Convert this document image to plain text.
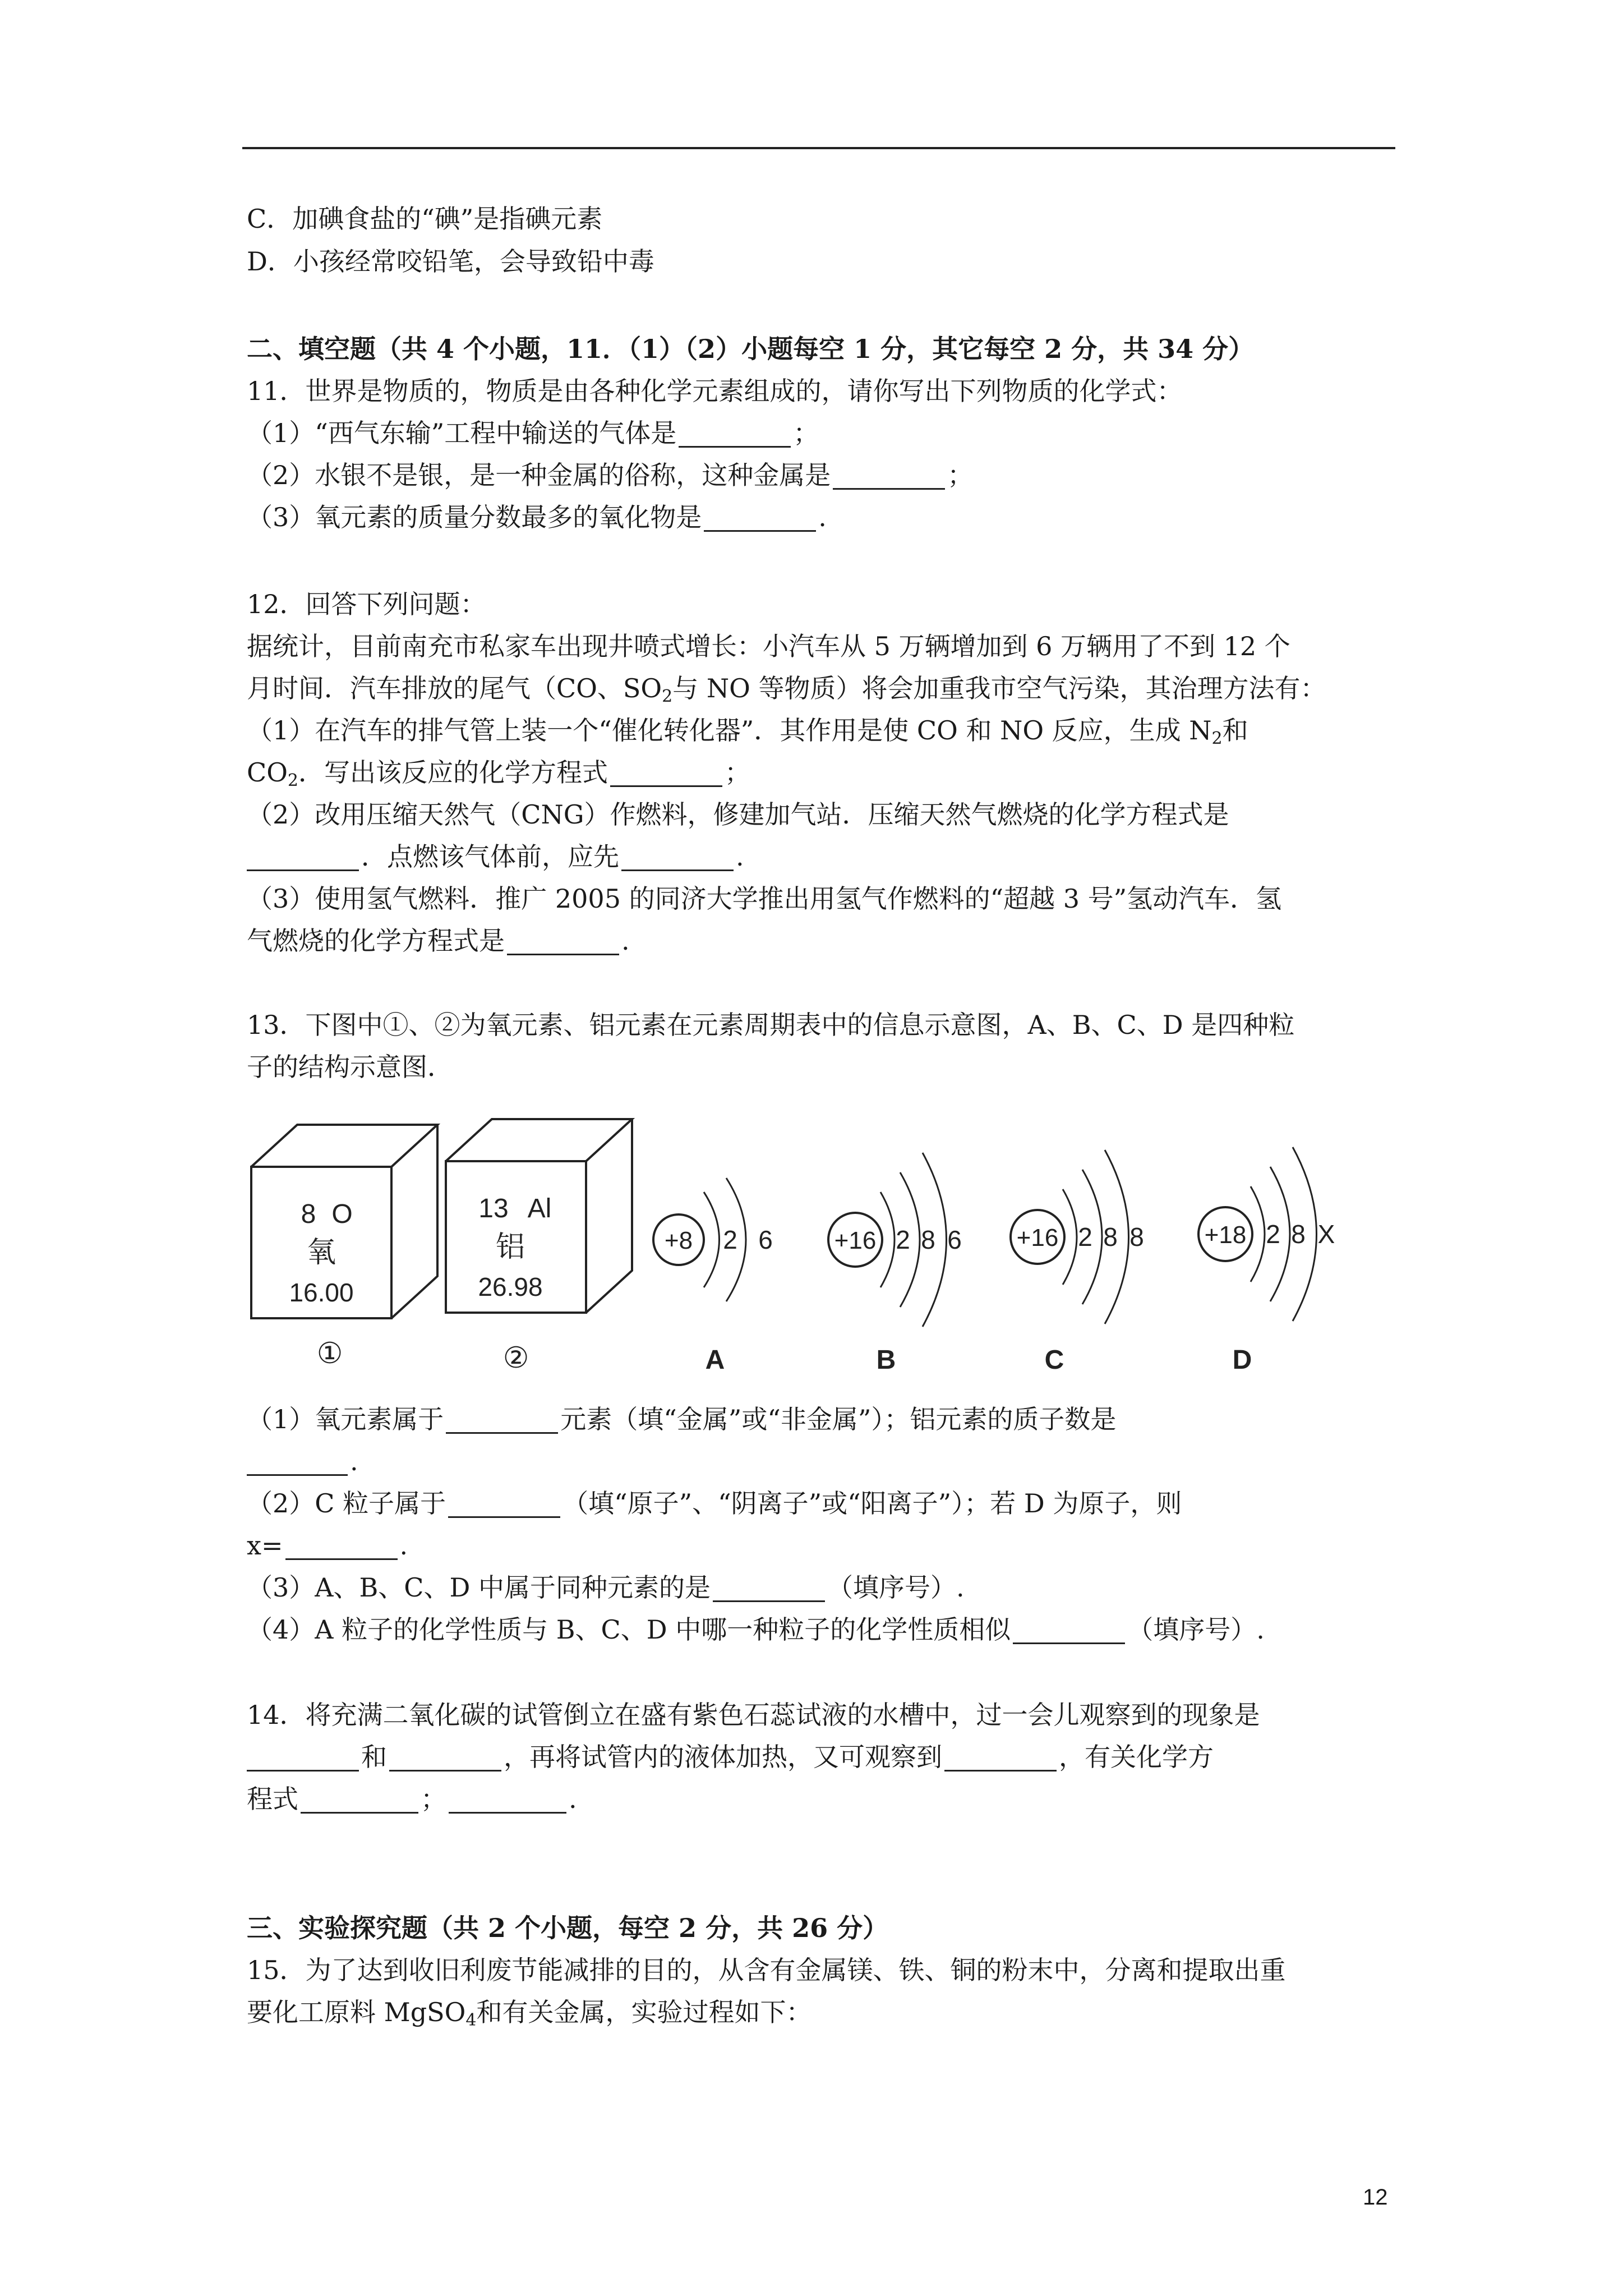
C．加碘食盐的“碘”是指碘元素
D．小孩经常咬铅笔，会导致铅中毒
二、填空题（共 4 个小题，11．（1）（2）小题每空 1 分，其它每空 2 分，共 34 分）
11．世界是物质的，物质是由各种化学元素组成的，请你写出下列物质的化学式：
（1）“西气东输”工程中输送的气体是	；
（2）水银不是银，是一种金属的俗称，这种金属是	；
（3）氧元素的质量分数最多的氧化物是	.
12．回答下列问题：
据统计，目前南充市私家车出现井喷式增长：小汽车从 5 万辆增加到 6 万辆用了不到 12 个
月时间．汽车排放的尾气（CO、$SO_2$与 NO 等物质）将会加重我市空气污染，其治理方法有：
（1）在汽车的排气管上装一个“催化转化器”．其作用是使 CO 和 NO 反应，生成 $N_2$和
$CO_2$．写出该反应的化学方程式	；
（2）改用压缩天然气（CNG）作燃料，修建加气站．压缩天然气燃烧的化学方程式是
．点燃该气体前，应先	.
（3）使用氢气燃料．推广 2005 的同济大学推出用氢气作燃料的“超越 3 号”氢动汽车．氢
气燃烧的化学方程式是	.
13．下图中①、②为氧元素、铝元素在元素周期表中的信息示意图，A、B、C、D 是四种粒
子的结构示意图．
8 O
氧
16.00
①
13 Al
铝
26.98
②
+8 2 6
A
+16 2 8 6
B
+16 2 8 8
C
+18 2 8 X
D
（1）氧元素属于	元素（填“金属”或“非金属”）；铝元素的质子数是
.
（2）C 粒子属于	（填“原子”、“阴离子”或“阳离子”）；若 D 为原子，则
x=	.
（3）A、B、C、D 中属于同种元素的是	（填序号）.
（4）A 粒子的化学性质与 B、C、D 中哪一种粒子的化学性质相似	（填序号）.
14．将充满二氧化碳的试管倒立在盛有紫色石蕊试液的水槽中，过一会儿观察到的现象是
和	，再将试管内的液体加热，又可观察到	，有关化学方
程式	；	.
三、实验探究题（共 2 个小题，每空 2 分，共 26 分）
15．为了达到收旧利废节能减排的目的，从含有金属镁、铁、铜的粉末中，分离和提取出重
要化工原料 MgSO$_4$和有关金属，实验过程如下：
12
